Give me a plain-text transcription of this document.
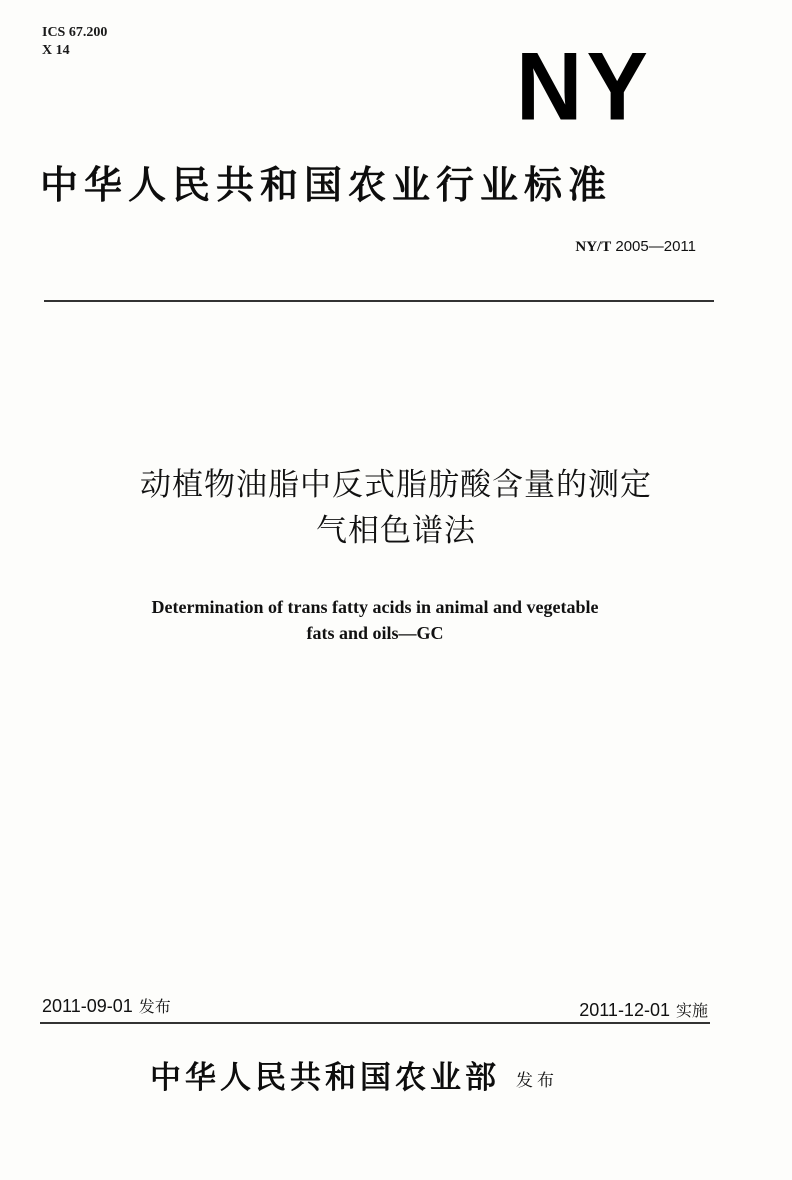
ICS 67.200
X 14	NY
中华人民共和国农业行业标准
NY/T 2005—2011
动植物油脂中反式脂肪酸含量的测定
气相色谱法
Determination of trans fatty acids in animal and vegetable
fats and oils—GC
2011-09-01 发布	2011-12-01 实施
中华人民共和国农业部 发布
